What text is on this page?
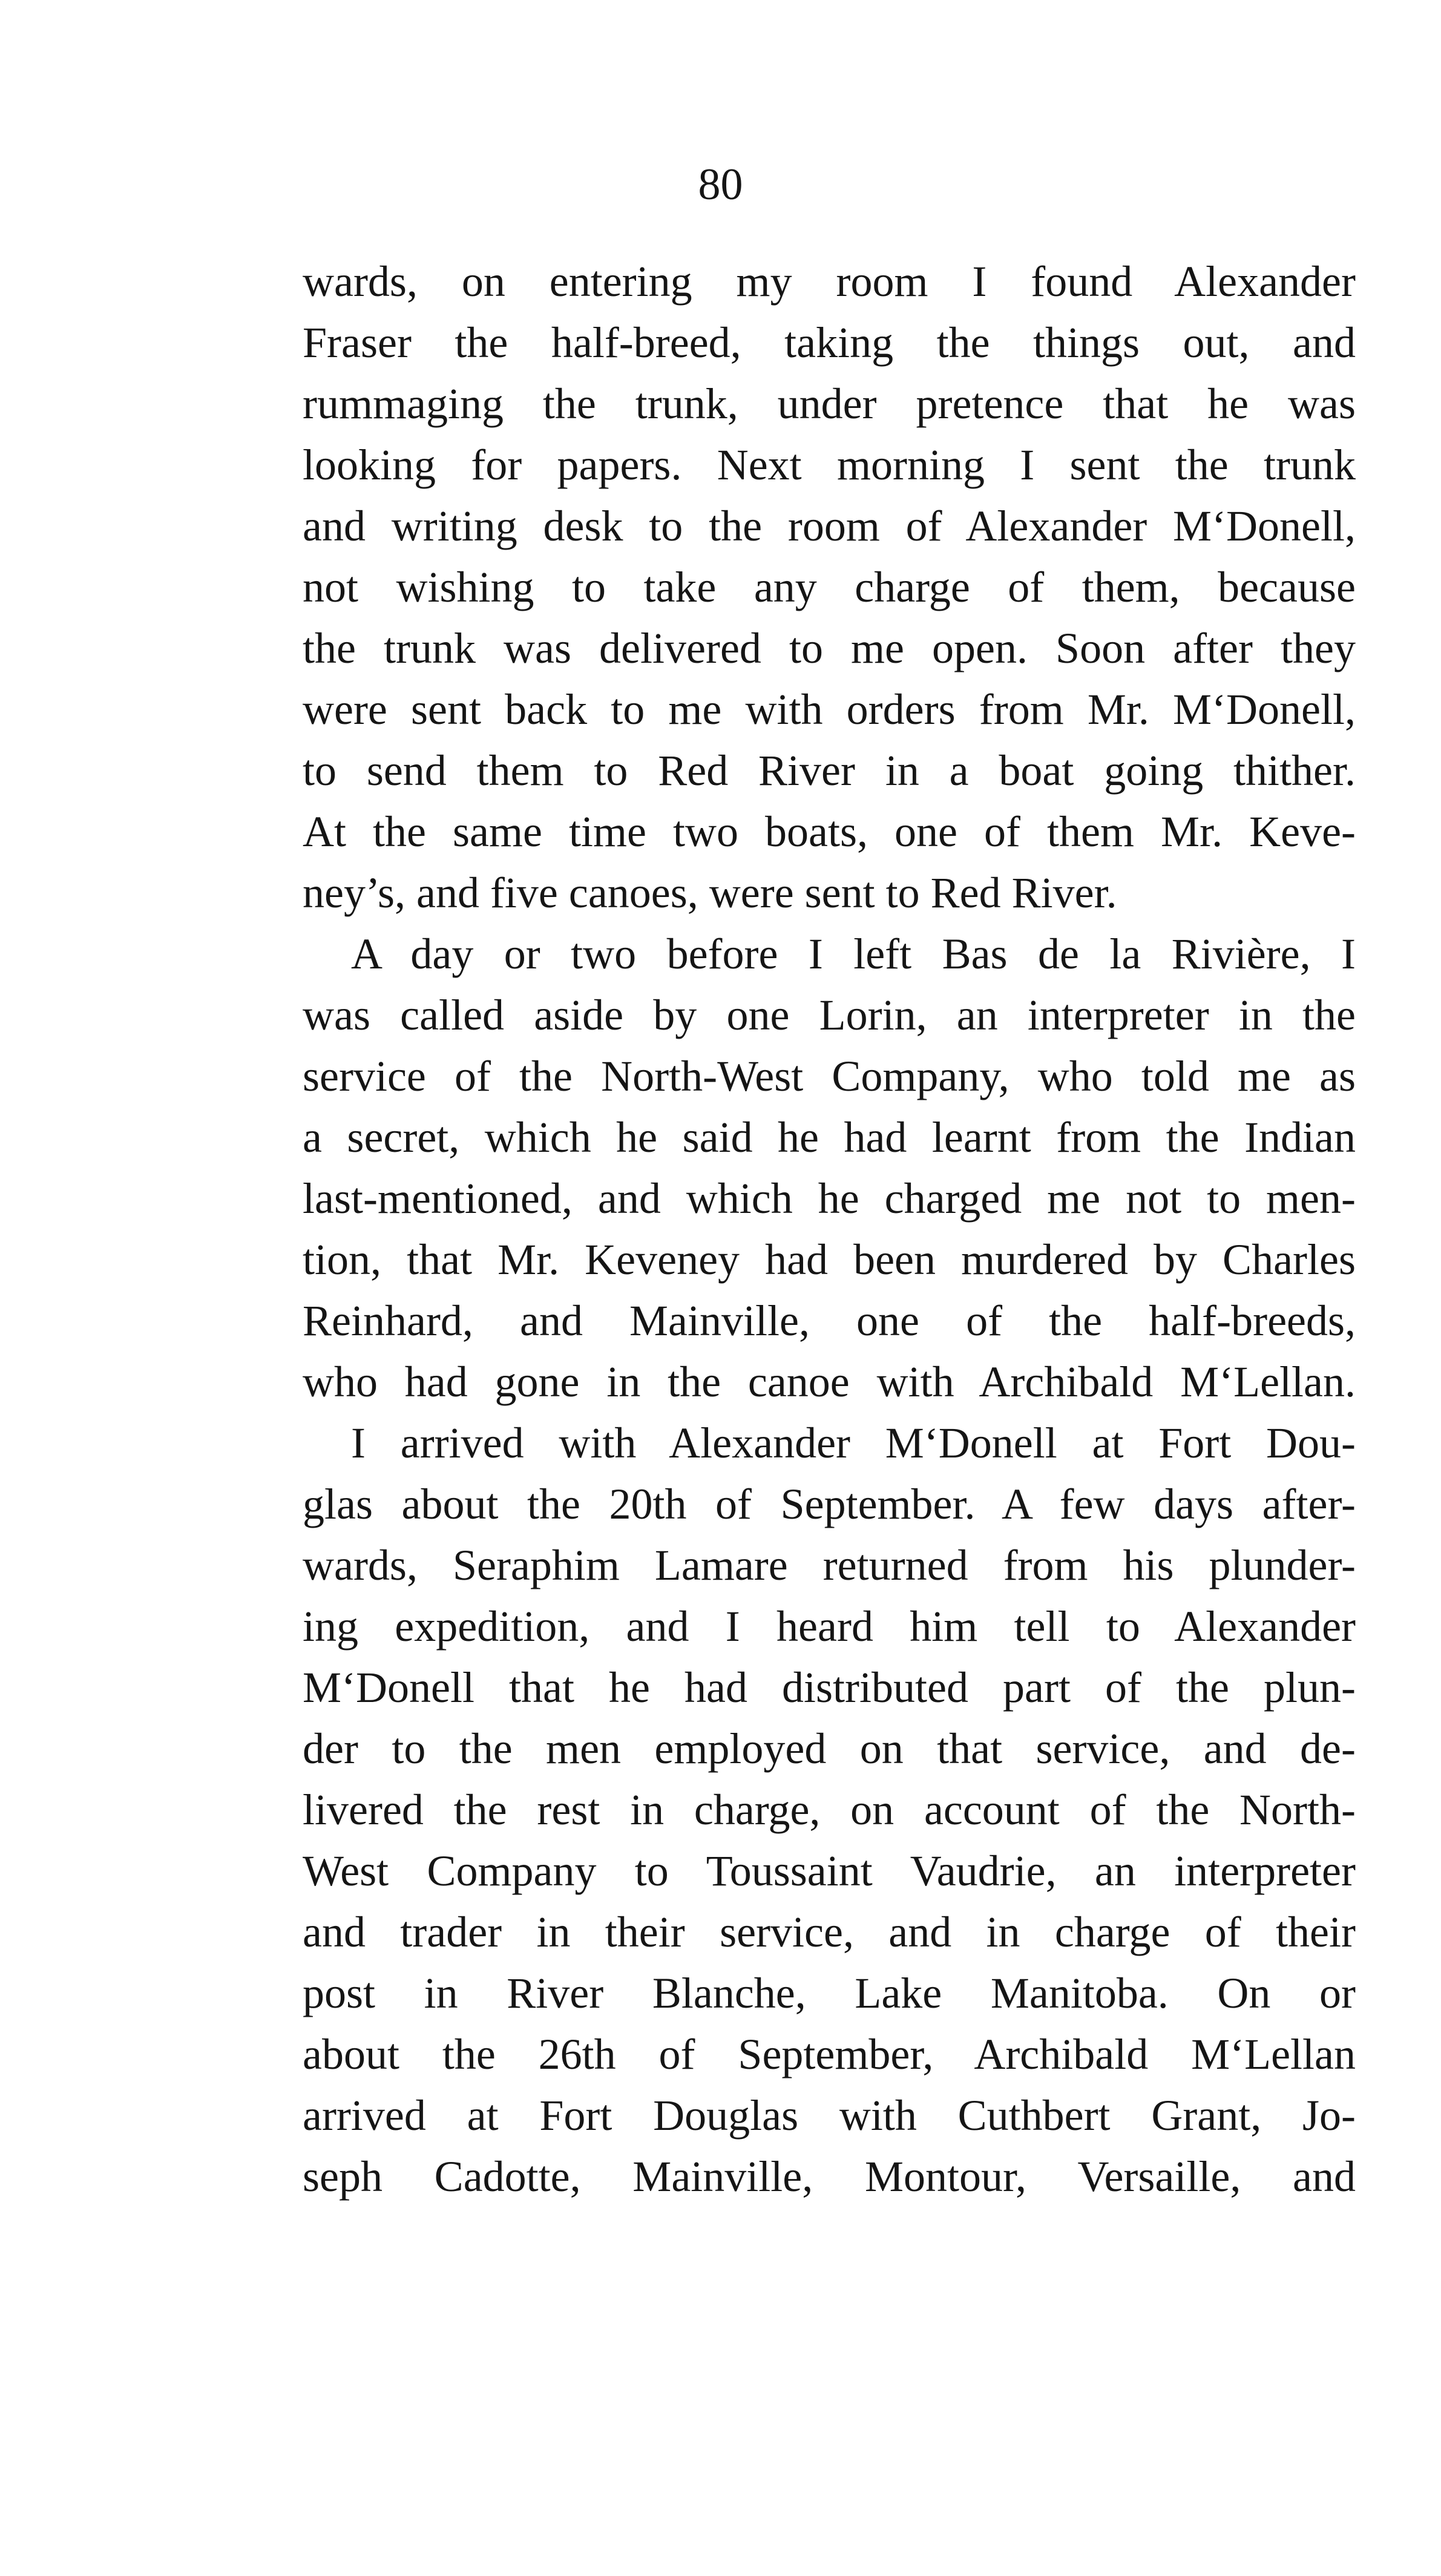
80
wards, on entering my room I found Alexander
Fraser the half-breed, taking the things out, and
rummaging the trunk, under pretence that he was
looking for papers. Next morning I sent the trunk
and writing desk to the room of Alexander M‘Donell,
not wishing to take any charge of them, because
the trunk was delivered to me open. Soon after they
were sent back to me with orders from Mr. M‘Donell,
to send them to Red River in a boat going thither.
At the same time two boats, one of them Mr. Keve-
ney’s, and five canoes, were sent to Red River.
A day or two before I left Bas de la Rivière, I
was called aside by one Lorin, an interpreter in the
service of the North-West Company, who told me as
a secret, which he said he had learnt from the Indian
last-mentioned, and which he charged me not to men-
tion, that Mr. Keveney had been murdered by Charles
Reinhard, and Mainville, one of the half-breeds,
who had gone in the canoe with Archibald M‘Lellan.
I arrived with Alexander M‘Donell at Fort Dou-
glas about the 20th of September. A few days after-
wards, Seraphim Lamare returned from his plunder-
ing expedition, and I heard him tell to Alexander
M‘Donell that he had distributed part of the plun-
der to the men employed on that service, and de-
livered the rest in charge, on account of the North-
West Company to Toussaint Vaudrie, an interpreter
and trader in their service, and in charge of their
post in River Blanche, Lake Manitoba. On or
about the 26th of September, Archibald M‘Lellan
arrived at Fort Douglas with Cuthbert Grant, Jo-
seph Cadotte, Mainville, Montour, Versaille, and
